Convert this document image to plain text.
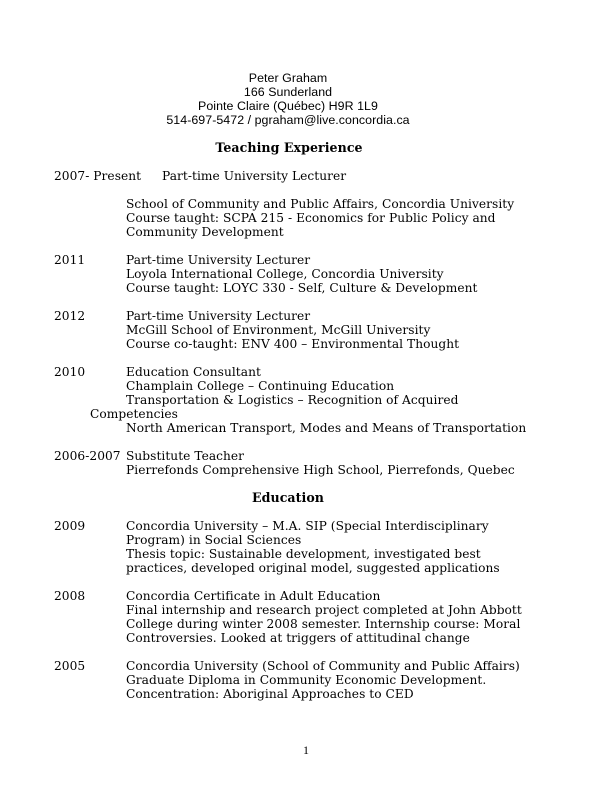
Peter Graham
166 Sunderland
Pointe Claire (Québec) H9R 1L9
514-697-5472 / pgraham@live.concordia.ca
Teaching Experience
2007- Present Part-time University Lecturer
School of Community and Public Affairs, Concordia University
Course taught: SCPA 215 - Economics for Public Policy and
Community Development
2011	Part-time University Lecturer
Loyola International College, Concordia University
Course taught: LOYC 330 - Self, Culture & Development
2012	Part-time University Lecturer
McGill School of Environment, McGill University
Course co-taught: ENV 400 – Environmental Thought
2010	Education Consultant
Champlain College – Continuing Education
Transportation & Logistics – Recognition of Acquired
Competencies
North American Transport, Modes and Means of Transportation
2006-2007 Substitute Teacher
Pierrefonds Comprehensive High School, Pierrefonds, Quebec
Education
2009	Concordia University – M.A. SIP (Special Interdisciplinary
Program) in Social Sciences
Thesis topic: Sustainable development, investigated best
practices, developed original model, suggested applications
2008	Concordia Certificate in Adult Education
Final internship and research project completed at John Abbott
College during winter 2008 semester. Internship course: Moral
Controversies. Looked at triggers of attitudinal change
2005	Concordia University (School of Community and Public Affairs)
Graduate Diploma in Community Economic Development.
Concentration: Aboriginal Approaches to CED
1
